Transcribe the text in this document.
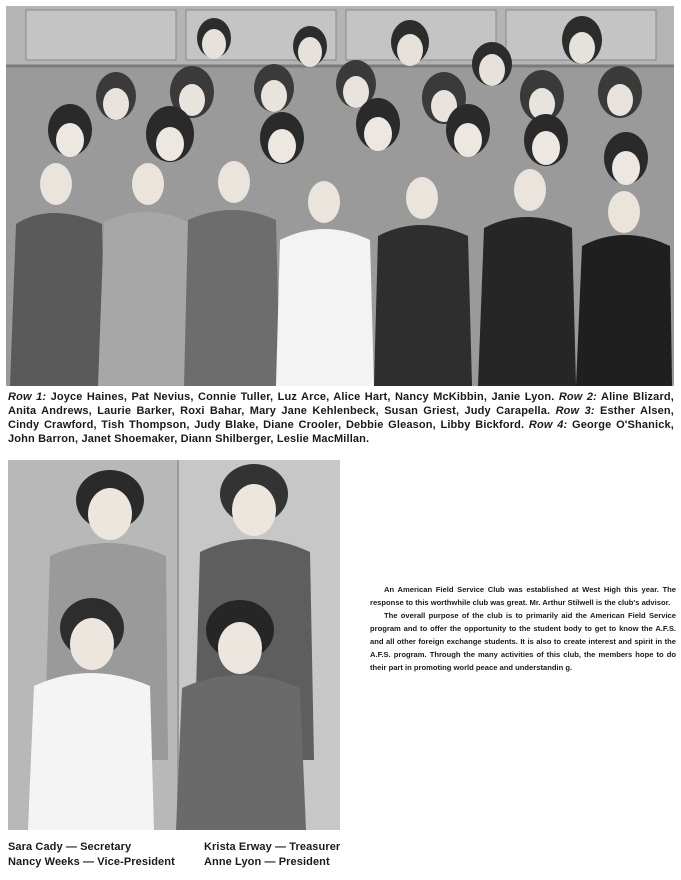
Row 1: Joyce Haines, Pat Nevius, Connie Tuller, Luz Arce, Alice Hart, Nancy McKibbin, Janie Lyon. Row 2: Aline Blizard, Anita Andrews, Laurie Barker, Roxi Bahar, Mary Jane Kehlenbeck, Susan Griest, Judy Carapella. Row 3: Esther Alsen, Cindy Crawford, Tish Thompson, Judy Blake, Diane Crooler, Debbie Gleason, Libby Bickford. Row 4: George O'Shanick, John Barron, Janet Shoemaker, Diann Shilberger, Leslie MacMillan.

An American Field Service Club was established at West High this year. The response to this worthwhile club was great. Mr. Arthur Stilwell is the club's advisor.

The overall purpose of the club is to primarily aid the American Field Service program and to offer the opportunity to the student body to get to know the A.F.S. and all other foreign exchange students. It is also to create interest and spirit in the A.F.S. program. Through the many activities of this club, the members hope to do their part in promoting world peace and understandin g.

Sara Cady — Secretary
Nancy Weeks — Vice-President
Krista Erway — Treasurer
Anne Lyon — President
